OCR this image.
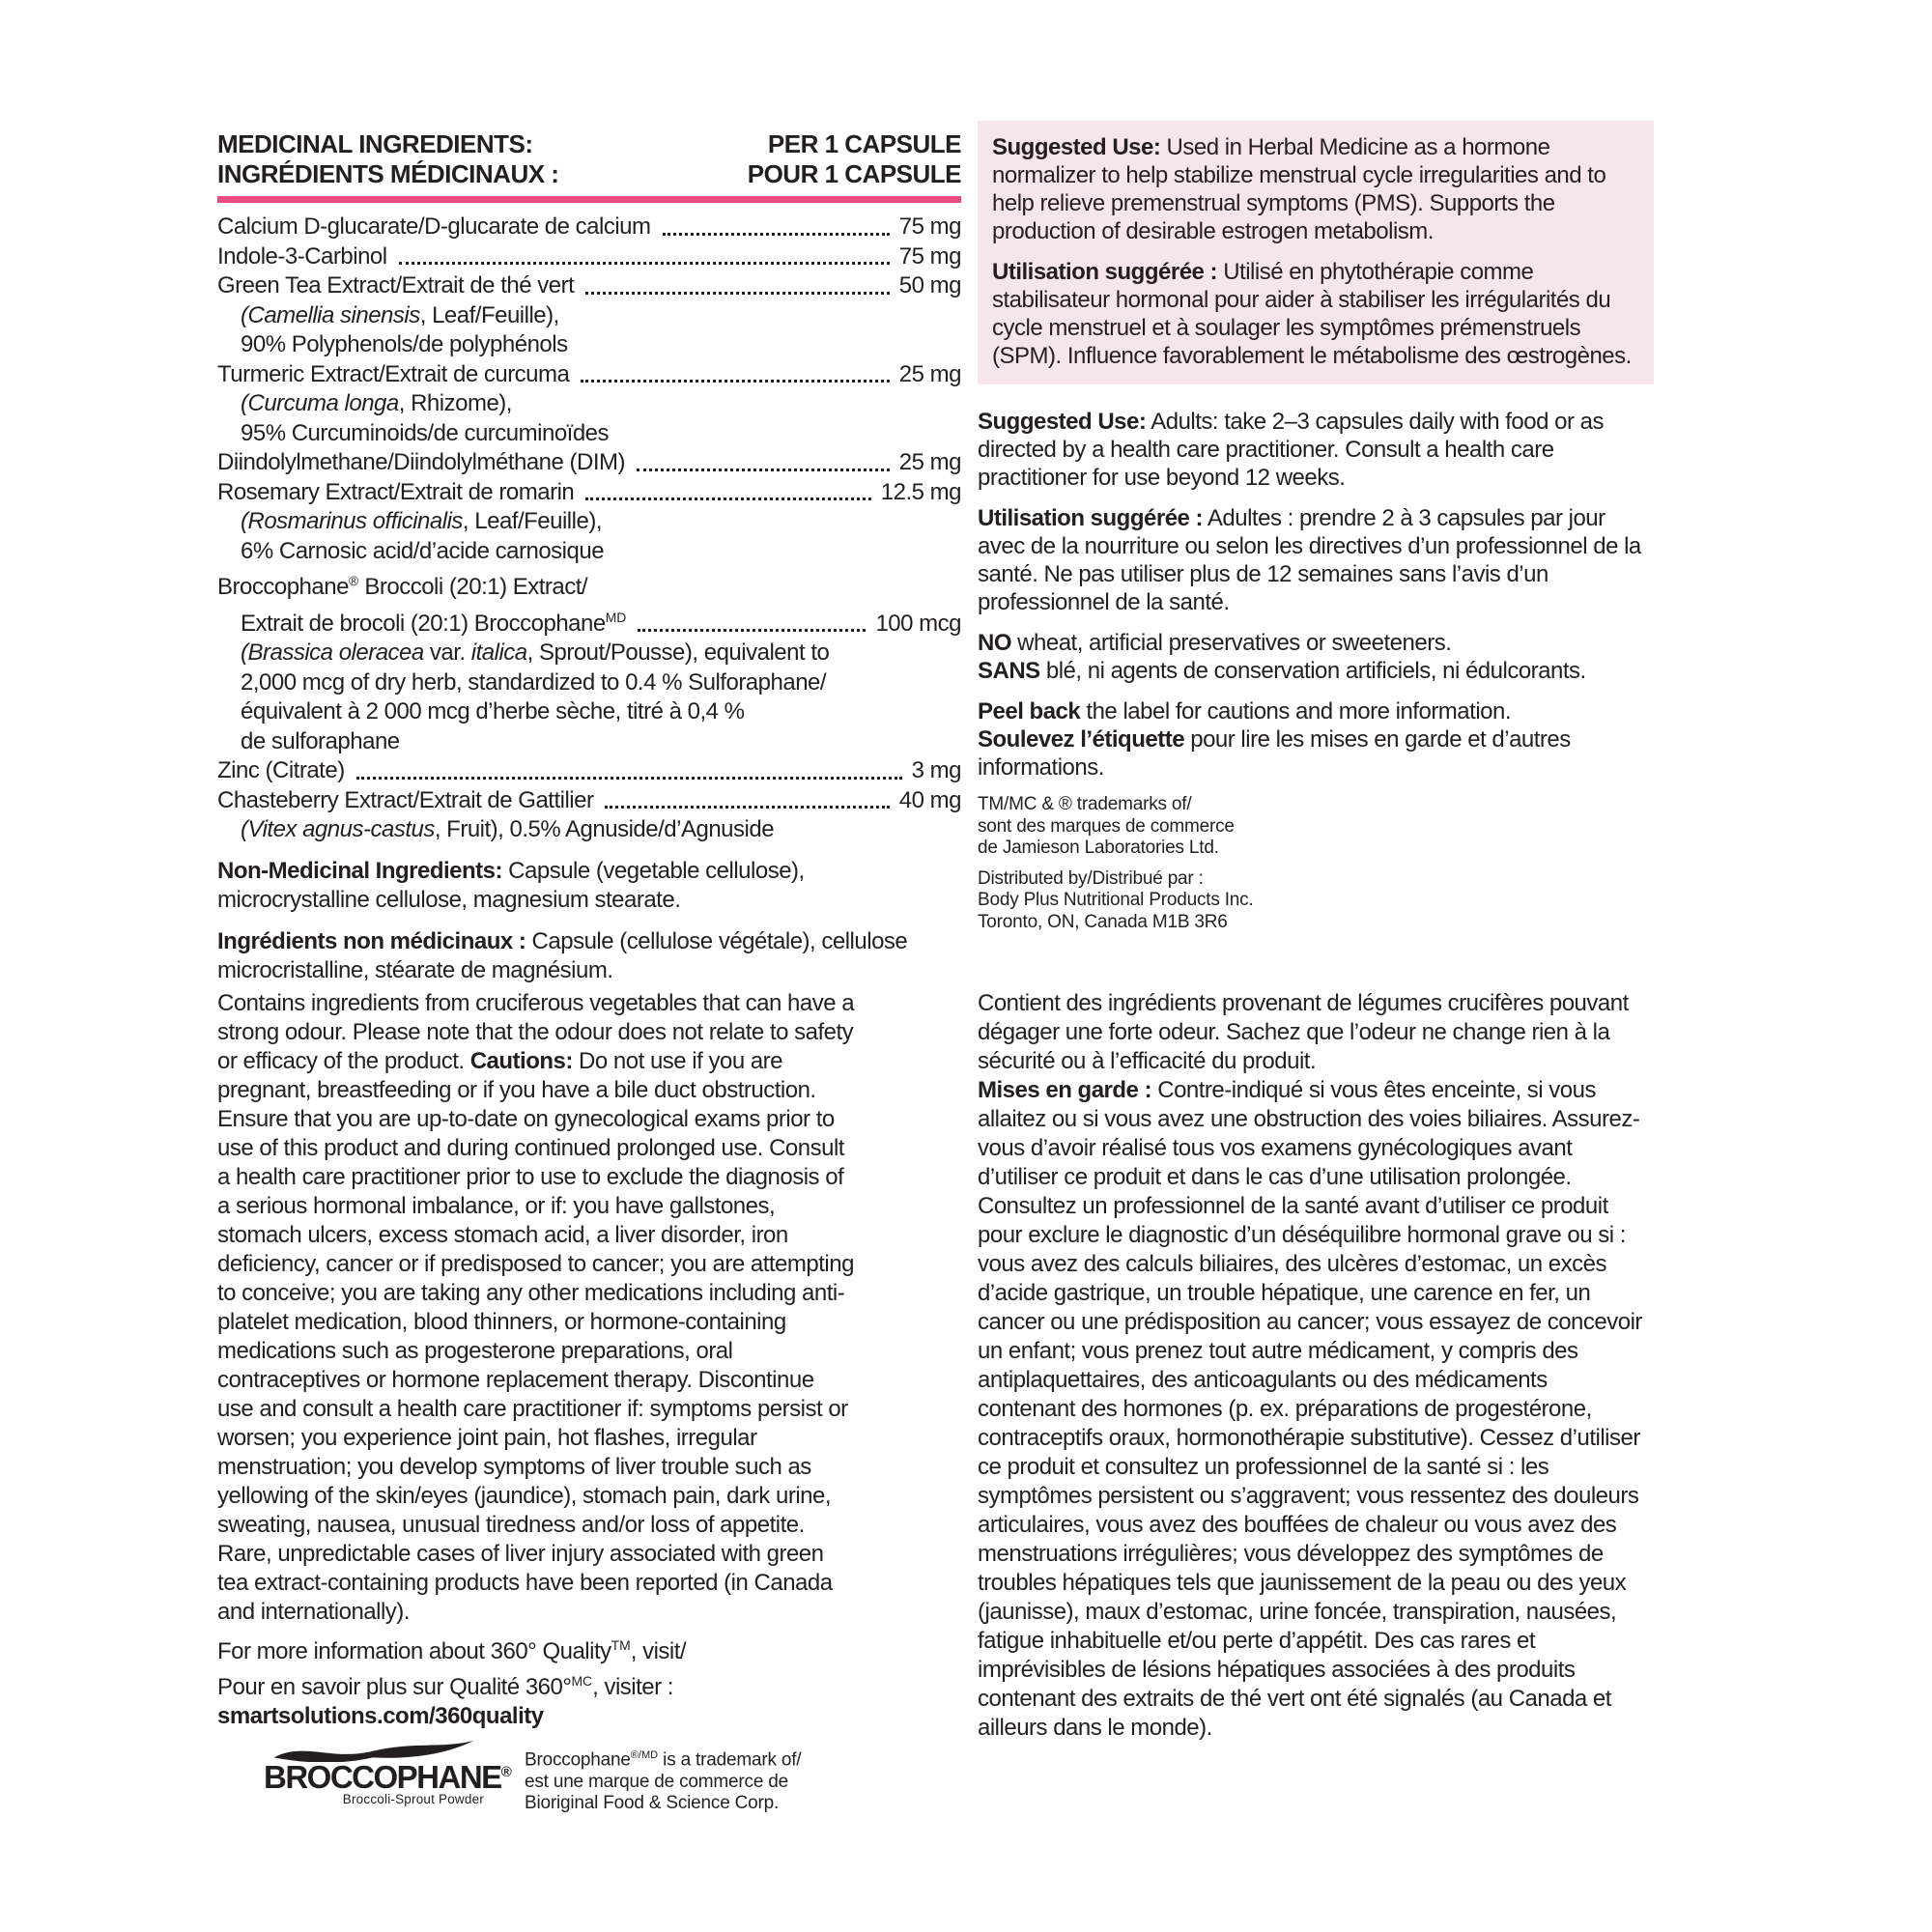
MEDICINAL INGREDIENTS:
INGRÉDIENTS MÉDICINAUX :
PER 1 CAPSULE
POUR 1 CAPSULE
Calcium D-glucarate/D-glucarate de calcium	75 mg
Indole-3-Carbinol	75 mg
Green Tea Extract/Extrait de thé vert	50 mg
(Camellia sinensis, Leaf/Feuille),
90% Polyphenols/de polyphénols
Turmeric Extract/Extrait de curcuma	25 mg
(Curcuma longa, Rhizome),
95% Curcuminoids/de curcuminoïdes
Diindolylmethane/Diindolylméthane (DIM)	25 mg
Rosemary Extract/Extrait de romarin	12.5 mg
(Rosmarinus officinalis, Leaf/Feuille),
6% Carnosic acid/d’acide carnosique
Broccophane® Broccoli (20:1) Extract/
Extrait de brocoli (20:1) Broccophane$^{MD}$	100 mcg
(Brassica oleracea var. italica, Sprout/Pousse), equivalent to
2,000 mcg of dry herb, standardized to 0.4 % Sulforaphane/
équivalent à 2 000 mcg d’herbe sèche, titré à 0,4 %
de sulforaphane
Zinc (Citrate)	3 mg
Chasteberry Extract/Extrait de Gattilier	40 mg
(Vitex agnus-castus, Fruit), 0.5% Agnuside/d’Agnuside

Non-Medicinal Ingredients: Capsule (vegetable cellulose), microcrystalline cellulose, magnesium stearate.

Ingrédients non médicinaux : Capsule (cellulose végétale), cellulose microcristalline, stéarate de magnésium.

Contains ingredients from cruciferous vegetables that can have a strong odour. Please note that the odour does not relate to safety or efficacy of the product. Cautions: Do not use if you are pregnant, breastfeeding or if you have a bile duct obstruction. Ensure that you are up-to-date on gynecological exams prior to use of this product and during continued prolonged use. Consult a health care practitioner prior to use to exclude the diagnosis of a serious hormonal imbalance, or if: you have gallstones, stomach ulcers, excess stomach acid, a liver disorder, iron deficiency, cancer or if predisposed to cancer; you are attempting to conceive; you are taking any other medications including anti-platelet medication, blood thinners, or hormone-containing medications such as progesterone preparations, oral contraceptives or hormone replacement therapy. Discontinue use and consult a health care practitioner if: symptoms persist or worsen; you experience joint pain, hot flashes, irregular menstruation; you develop symptoms of liver trouble such as yellowing of the skin/eyes (jaundice), stomach pain, dark urine, sweating, nausea, unusual tiredness and/or loss of appetite. Rare, unpredictable cases of liver injury associated with green tea extract-containing products have been reported (in Canada and internationally).

For more information about 360° Quality™, visit/
Pour en savoir plus sur Qualité 360°$^{MC}$, visiter :
smartsolutions.com/360quality

BROCCOPHANE®
Broccoli-Sprout Powder
Broccophane$^{®/MD}$ is a trademark of/
est une marque de commerce de
Bioriginal Food & Science Corp.

Suggested Use: Used in Herbal Medicine as a hormone normalizer to help stabilize menstrual cycle irregularities and to help relieve premenstrual symptoms (PMS). Supports the production of desirable estrogen metabolism.

Utilisation suggérée : Utilisé en phytothérapie comme stabilisateur hormonal pour aider à stabiliser les irrégularités du cycle menstruel et à soulager les symptômes prémenstruels (SPM). Influence favorablement le métabolisme des œstrogènes.

Suggested Use: Adults: take 2–3 capsules daily with food or as directed by a health care practitioner. Consult a health care practitioner for use beyond 12 weeks.

Utilisation suggérée : Adultes : prendre 2 à 3 capsules par jour avec de la nourriture ou selon les directives d’un professionnel de la santé. Ne pas utiliser plus de 12 semaines sans l’avis d’un professionnel de la santé.

NO wheat, artificial preservatives or sweeteners.
SANS blé, ni agents de conservation artificiels, ni édulcorants.

Peel back the label for cautions and more information.
Soulevez l’étiquette pour lire les mises en garde et d’autres informations.

TM/MC & ® trademarks of/
sont des marques de commerce
de Jamieson Laboratories Ltd.
Distributed by/Distribué par :
Body Plus Nutritional Products Inc.
Toronto, ON, Canada M1B 3R6

Contient des ingrédients provenant de légumes crucifères pouvant dégager une forte odeur. Sachez que l’odeur ne change rien à la sécurité ou à l’efficacité du produit.
Mises en garde : Contre-indiqué si vous êtes enceinte, si vous allaitez ou si vous avez une obstruction des voies biliaires. Assurez-vous d’avoir réalisé tous vos examens gynécologiques avant d’utiliser ce produit et dans le cas d’une utilisation prolongée. Consultez un professionnel de la santé avant d’utiliser ce produit pour exclure le diagnostic d’un déséquilibre hormonal grave ou si : vous avez des calculs biliaires, des ulcères d’estomac, un excès d’acide gastrique, un trouble hépatique, une carence en fer, un cancer ou une prédisposition au cancer; vous essayez de concevoir un enfant; vous prenez tout autre médicament, y compris des antiplaquettaires, des anticoagulants ou des médicaments contenant des hormones (p. ex. préparations de progestérone, contraceptifs oraux, hormonothérapie substitutive). Cessez d’utiliser ce produit et consultez un professionnel de la santé si : les symptômes persistent ou s’aggravent; vous ressentez des douleurs articulaires, vous avez des bouffées de chaleur ou vous avez des menstruations irrégulières; vous développez des symptômes de troubles hépatiques tels que jaunissement de la peau ou des yeux (jaunisse), maux d’estomac, urine foncée, transpiration, nausées, fatigue inhabituelle et/ou perte d’appétit. Des cas rares et imprévisibles de lésions hépatiques associées à des produits contenant des extraits de thé vert ont été signalés (au Canada et ailleurs dans le monde).
